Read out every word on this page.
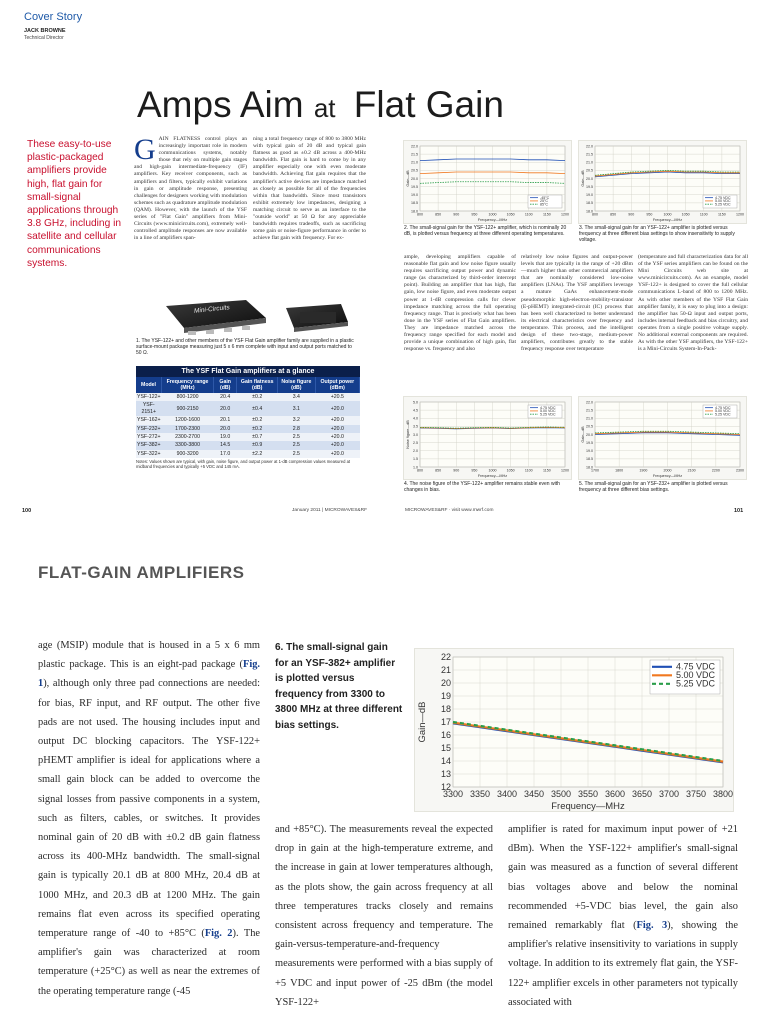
Cover Story
JACK BROWNE
Technical Director
Amps Aim at Flat Gain
These easy-to-use plastic-packaged amplifiers provide high, flat gain for small-signal applications through 3.8 GHz, including in satellite and cellular communications systems.
GAIN FLATNESS control plays an increasingly important role in modern communications systems, notably those that rely on multiple gain stages and high-gain intermediate-frequency (IF) amplifiers. Key receiver components, such as amplifiers and filters, typically exhibit variations in gain or amplitude response, presenting challenges for designers working with modulation schemes such as quadrature amplitude modulation (QAM). However, with the launch of the YSF series of "Flat Gain" amplifiers from Mini-Circuits (www.minicircuits.com), extremely well-controlled amplitude responses are now available in a line of amplifiers span-
ning a total frequency range of 800 to 3800 MHz with typical gain of 20 dB and typical gain flatness as good as ±0.2 dB across a 400-MHz bandwidth. Flat gain is hard to come by in any amplifier especially one with even moderate bandwidth. Achieving flat gain requires that the amplifier's active devices are impedance matched as closely as possible for all of the frequencies within that bandwidth. Since most transistors exhibit extremely low impedances, designing a matching circuit to serve as an interface to the "outside world" at 50 Ω for any appreciable bandwidth requires tradeoffs, such as sacrificing some gain or noise-figure performance in order to achieve flat gain with frequency. For ex-
Mini-Circuits
1. The YSF-122+ and other members of the YSF Flat Gain amplifier family are supplied in a plastic surface-mount package measuring just 5 x 6 mm complete with input and output ports matched to 50 Ω.
The YSF Flat Gain amplifiers at a glance
Model	Frequency range (MHz)	Gain (dB)	Gain flatness (dB)	Noise figure (dB)	Output power (dBm)
YSF-122+	800-1200	20.4	±0.2	3.4	+20.5
YSF-2151+	900-2150	20.0	±0.4	3.1	+20.0
YSF-162+	1200-1600	20.1	±0.2	3.2	+20.0
YSF-232+	1700-2300	20.0	±0.2	2.8	+20.0
YSF-272+	2300-2700	19.0	±0.7	2.5	+20.0
YSF-382+	3300-3800	14.5	±0.9	2.5	+20.0
YSF-322+	900-3200	17.0	±2.2	2.5	+20.0
Notes: Values shown are typical, with gain, noise figure, and output power at 1-dB compression values measured at midband frequencies and typically +5 VDC and 145 mA.
22.0
21.5
21.0
20.5
20.0
19.5
19.0
18.5
18.0
800	850	900	950	1000	1050	1100	1150	1200
Frequency—MHz
Gain—dB
-45°C
25°C
85°C
2. The small-signal gain for the YSF-122+ amplifier, which is nominally 20 dB, is plotted versus frequency at three different operating temperatures.
22.0
21.5
21.0
20.5
20.0
19.5
19.0
18.5
18.0
800	850	900	950	1000	1050	1100	1150	1200
Frequency—MHz
Gain—dB
4.75 VDC
5.00 VDC
5.25 VDC
3. The small-signal gain for an YSF-122+ amplifier is plotted versus frequency at three different bias settings to show insensitivity to supply voltage.
ample, developing amplifiers capable of reasonable flat gain and low noise figure usually requires sacrificing output power and dynamic range (as characterized by third-order intercept point). Building an amplifier that has high, flat gain, low noise figure, and even moderate output power at 1-dB compression calls for clever impedance matching across the full operating frequency range. That is precisely what has been done in the YSF series of Flat Gain amplifiers. They are impedance matched across the frequency range specified for each model and provide a unique combination of high gain, flat response vs. frequency and also
relatively low noise figures and output-power levels that are typically in the range of +20 dBm—much higher than other commercial amplifiers that are nominally considered low-noise amplifiers (LNAs). The YSF amplifiers leverage a mature GaAs enhancement-mode pseudomorphic high-electron-mobility-transistor (E-pHEMT) integrated-circuit (IC) process that has been well characterized to better understand its electrical characteristics over frequency and temperature. This process, and the intelligent design of these two-stage, medium-power amplifiers, contributes greatly to the stable frequency response over temperature
(temperature and full characterization data for all of the YSF series amplifiers can be found on the Mini Circuits web site at www.minicircuits.com). As an example, model YSF-122+ is designed to cover the full cellular communications L-band of 800 to 1200 MHz. As with other members of the YSF Flat Gain amplifier family, it is easy to plug into a design: the amplifier has 50-Ω input and output ports, includes internal feedback and bias circuitry, and operates from a single positive voltage supply. No additional external components are required. As with the other YSF amplifiers, the YSF-122+ is a Mini-Circuits System-In-Pack-
5.0
4.5
4.0
3.5
3.0
2.5
2.0
1.5
1.0
800	850	900	950	1000	1050	1100	1150	1200
Frequency—MHz
Noise figure—dB
4.75 VDC
5.00 VDC
5.25 VDC
4. The noise figure of the YSF-122+ amplifier remains stable even with changes in bias.
22.0
21.5
21.0
20.5
20.0
19.5
19.0
18.5
18.0
1700	1800	1900	2000	2100	2200	2300
Frequency—MHz
Gain—dB
4.75 VDC
5.00 VDC
5.25 VDC
5. The small-signal gain for an YSF-232+ amplifier is plotted versus frequency at three different bias settings.
100	January 2011 | MICROWAVES&RF	MICROWAVES&RF · visit www.mwrf.com	101
FLAT-GAIN AMPLIFIERS
age (MSIP) module that is housed in a 5 x 6 mm plastic package. This is an eight-pad package (Fig. 1), although only three pad connections are needed: for bias, RF input, and RF output. The other five pads are not used. The housing includes input and output DC blocking capacitors. The YSF-122+ pHEMT amplifier is ideal for applications where a small gain block can be added to overcome the signal losses from passive components in a system, such as filters, cables, or switches. It provides nominal gain of 20 dB with ±0.2 dB gain flatness across its 400-MHz bandwidth. The small-signal gain is typically 20.1 dB at 800 MHz, 20.4 dB at 1000 MHz, and 20.3 dB at 1200 MHz. The gain remains flat even across its specified operating temperature range of -40 to +85°C (Fig. 2). The amplifier's gain was characterized at room temperature (+25°C) as well as near the extremes of the operating temperature range (-45
6. The small-signal gain for an YSF-382+ amplifier is plotted versus frequency from 3300 to 3800 MHz at three different bias settings.
22
21
20
19
18
17
16
15
14
13
12
3300 3350 3400 3450 3500 3550 3600 3650 3700 3750 3800
Frequency—MHz
Gain—dB
4.75 VDC
5.00 VDC
5.25 VDC
and +85°C). The measurements reveal the expected drop in gain at the high-temperature extreme, and the increase in gain at lower temperatures although, as the plots show, the gain across frequency at all three temperatures tracks closely and remains consistent across frequency and temperature. The gain-versus-temperature-and-frequency measurements were performed with a bias supply of +5 VDC and input power of -25 dBm (the model YSF-122+
amplifier is rated for maximum input power of +21 dBm). When the YSF-122+ amplifier's small-signal gain was measured as a function of several different bias voltages above and below the nominal recommended +5-VDC bias level, the gain also remained remarkably flat (Fig. 3), showing the amplifier's relative insensitivity to variations in supply voltage. In addition to its extremely flat gain, the YSF-122+ amplifier excels in other parameters not typically associated with
